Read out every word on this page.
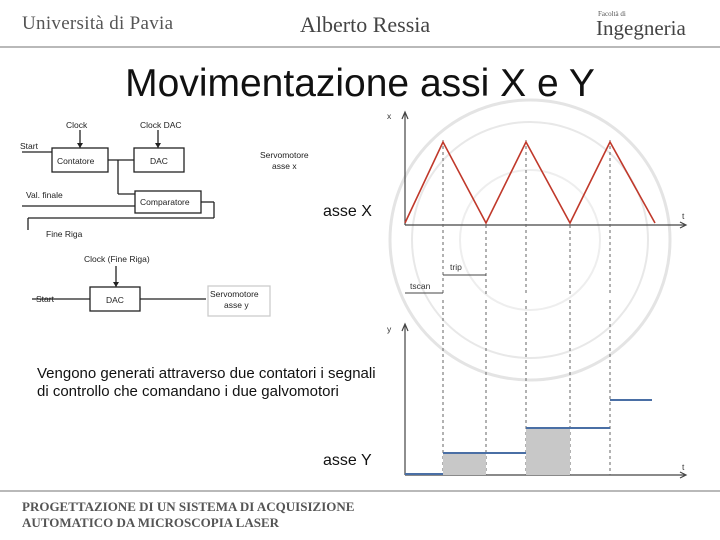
Università di Pavia	Alberto Ressia	Facoltà di
Ingegneria
Movimentazione assi X e Y
Clock	Clock DAC
Start
Contatore	DAC
Servomotore
asse x
Val. finale
Comparatore
Fine Riga
Clock (Fine Riga)
Start	DAC
Servomotore
asse y
asse X
asse Y
x
t
trip
tscan
y
t
Vengono generati attraverso due contatori i segnali di controllo che comandano i due galvomotori
PROGETTAZIONE DI UN SISTEMA DI ACQUISIZIONE
AUTOMATICO DA MICROSCOPIA LASER
